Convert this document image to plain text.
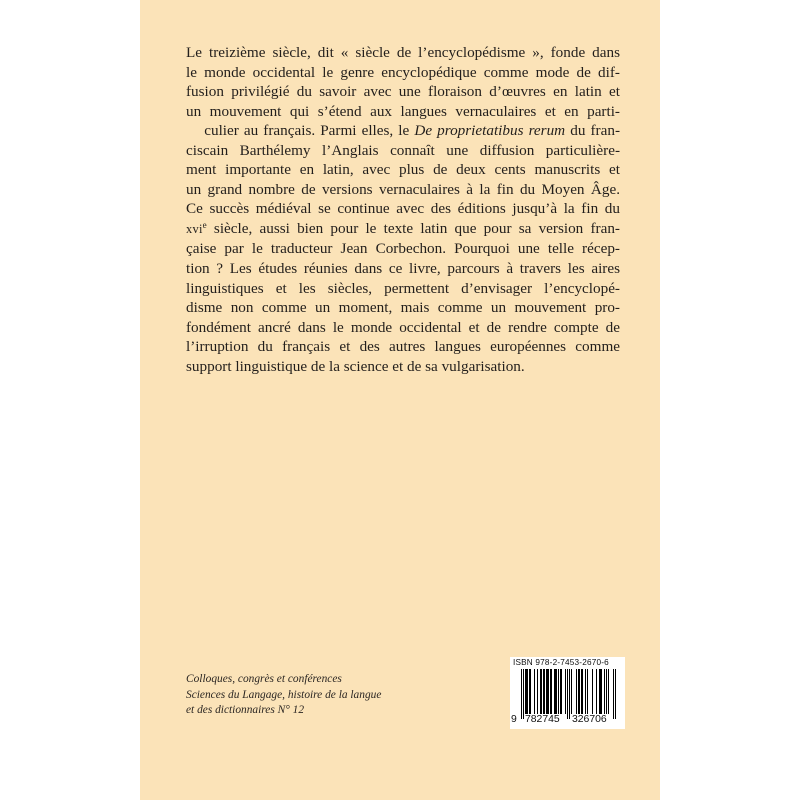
Le treizième siècle, dit « siècle de l’encyclopédisme », fonde dans
le monde occidental le genre encyclopédique comme mode de dif-
fusion privilégié du savoir avec une floraison d’œuvres en latin et
un mouvement qui s’étend aux langues vernaculaires et en parti-
culier au français. Parmi elles, le De proprietatibus rerum du fran-
ciscain Barthélemy l’Anglais connaît une diffusion particulière-
ment importante en latin, avec plus de deux cents manuscrits et
un grand nombre de versions vernaculaires à la fin du Moyen Âge.
Ce succès médiéval se continue avec des éditions jusqu’à la fin du
xvi$^e$ siècle, aussi bien pour le texte latin que pour sa version fran-
çaise par le traducteur Jean Corbechon. Pourquoi une telle récep-
tion ? Les études réunies dans ce livre, parcours à travers les aires
linguistiques et les siècles, permettent d’envisager l’encyclopé-
disme non comme un moment, mais comme un mouvement pro-
fondément ancré dans le monde occidental et de rendre compte de
l’irruption du français et des autres langues européennes comme
support linguistique de la science et de sa vulgarisation.
Colloques, congrès et conférences
Sciences du Langage, histoire de la langue
et des dictionnaires N° 12
ISBN 978-2-7453-2670-6
9 782745 326706
